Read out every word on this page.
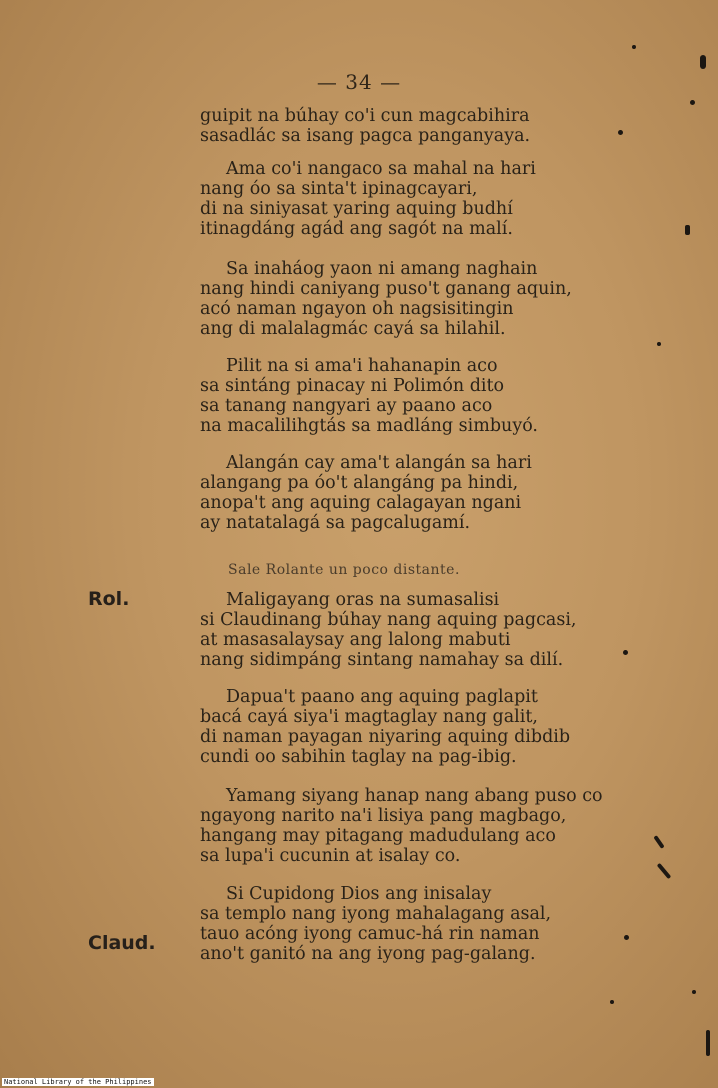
— 34 —
guipit na búhay co'i cun magcabihira
sasadlác sa isang pagca panganyaya.
Ama co'i nangaco sa mahal na hari
nang óo sa sinta't ipinagcayari,
di na siniyasat yaring aquing budhí
itinagdáng agád ang sagót na malí.
Sa inaháog yaon ni amang naghain
nang hindi caniyang puso't ganang aquin,
acó naman ngayon oh nagsisitingin
ang di malalagmác cayá sa hilahil.
Pilit na si ama'i hahanapin aco
sa sintáng pinacay ni Polimón dito
sa tanang nangyari ay paano aco
na macalilihgtás sa madláng simbuyó.
Alangán cay ama't alangán sa hari
alangang pa óo't alangáng pa hindi,
anopa't ang aquing calagayan ngani
ay natatalagá sa pagcalugamí.
Maligayang oras na sumasalisi
si Claudinang búhay nang aquing pagcasi,
at masasalaysay ang lalong mabuti
nang sidimpáng sintang namahay sa dilí.
Dapua't paano ang aquing paglapit
bacá cayá siya'i magtaglay nang galit,
di naman payagan niyaring aquing dibdib
cundi oo sabihin taglay na pag-ibig.
Yamang siyang hanap nang abang puso co
ngayong narito na'i lisiya pang magbago,
hangang may pitagang madudulang aco
sa lupa'i cucunin at isalay co.
Si Cupidong Dios ang inisalay
sa templo nang iyong mahalagang asal,
tauo acóng iyong camuc-há rin naman
ano't ganitó na ang iyong pag-galang.
Sale Rolante un poco distante.
Rol.
Claud.
National Library of the Philippines
